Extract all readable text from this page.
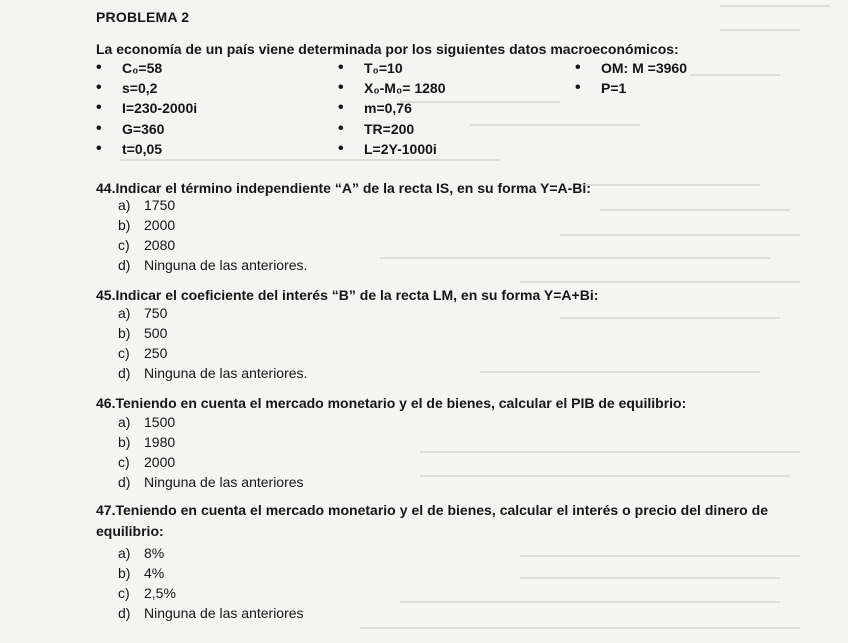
PROBLEMA 2
La economía de un país viene determinada por los siguientes datos macroeconómicos:
• C₀=58
• s=0,2
• I=230-2000i
• G=360
• t=0,05
• T₀=10
• X₀-M₀= 1280
• m=0,76
• TR=200
• L=2Y-1000i
• OM: M =3960
• P=1
44.Indicar el término independiente “A” de la recta IS, en su forma Y=A-Bi:
a) 1750
b) 2000
c) 2080
d) Ninguna de las anteriores.
45.Indicar el coeficiente del interés “B” de la recta LM, en su forma Y=A+Bi:
a) 750
b) 500
c) 250
d) Ninguna de las anteriores.
46.Teniendo en cuenta el mercado monetario y el de bienes, calcular el PIB de equilibrio:
a) 1500
b) 1980
c) 2000
d) Ninguna de las anteriores
47.Teniendo en cuenta el mercado monetario y el de bienes, calcular el interés o precio del dinero de equilibrio:
a) 8%
b) 4%
c) 2,5%
d) Ninguna de las anteriores
